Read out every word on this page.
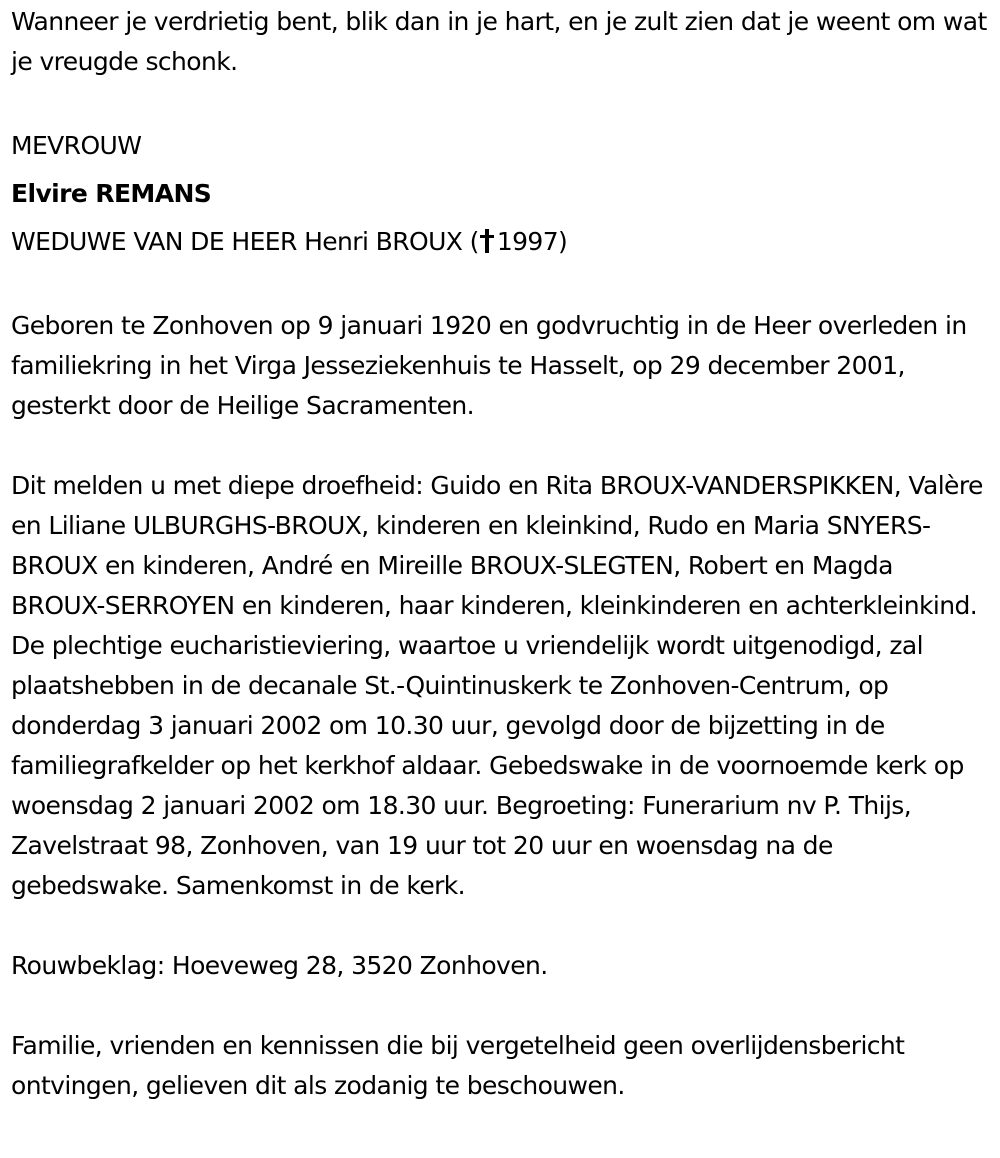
Wanneer je verdrietig bent, blik dan in je hart, en je zult zien dat je weent om wat je vreugde schonk.

MEVROUW

Elvire REMANS

WEDUWE VAN DE HEER Henri BROUX ( 1997)

Geboren te Zonhoven op 9 januari 1920 en godvruchtig in de Heer overleden in familiekring in het Virga Jesseziekenhuis te Hasselt, op 29 december 2001, gesterkt door de Heilige Sacramenten.

Dit melden u met diepe droefheid: Guido en Rita BROUX-VANDERSPIKKEN, Valère en Liliane ULBURGHS-BROUX, kinderen en kleinkind, Rudo en Maria SNYERS-BROUX en kinderen, André en Mireille BROUX-SLEGTEN, Robert en Magda BROUX-SERROYEN en kinderen, haar kinderen, kleinkinderen en achterkleinkind. De plechtige eucharistieviering, waartoe u vriendelijk wordt uitgenodigd, zal plaatshebben in de decanale St.-Quintinuskerk te Zonhoven-Centrum, op donderdag 3 januari 2002 om 10.30 uur, gevolgd door de bijzetting in de familiegrafkelder op het kerkhof aldaar. Gebedswake in de voornoemde kerk op woensdag 2 januari 2002 om 18.30 uur. Begroeting: Funerarium nv P. Thijs, Zavelstraat 98, Zonhoven, van 19 uur tot 20 uur en woensdag na de gebedswake. Samenkomst in de kerk.

Rouwbeklag: Hoeveweg 28, 3520 Zonhoven.

Familie, vrienden en kennissen die bij vergetelheid geen overlijdensbericht ontvingen, gelieven dit als zodanig te beschouwen.
